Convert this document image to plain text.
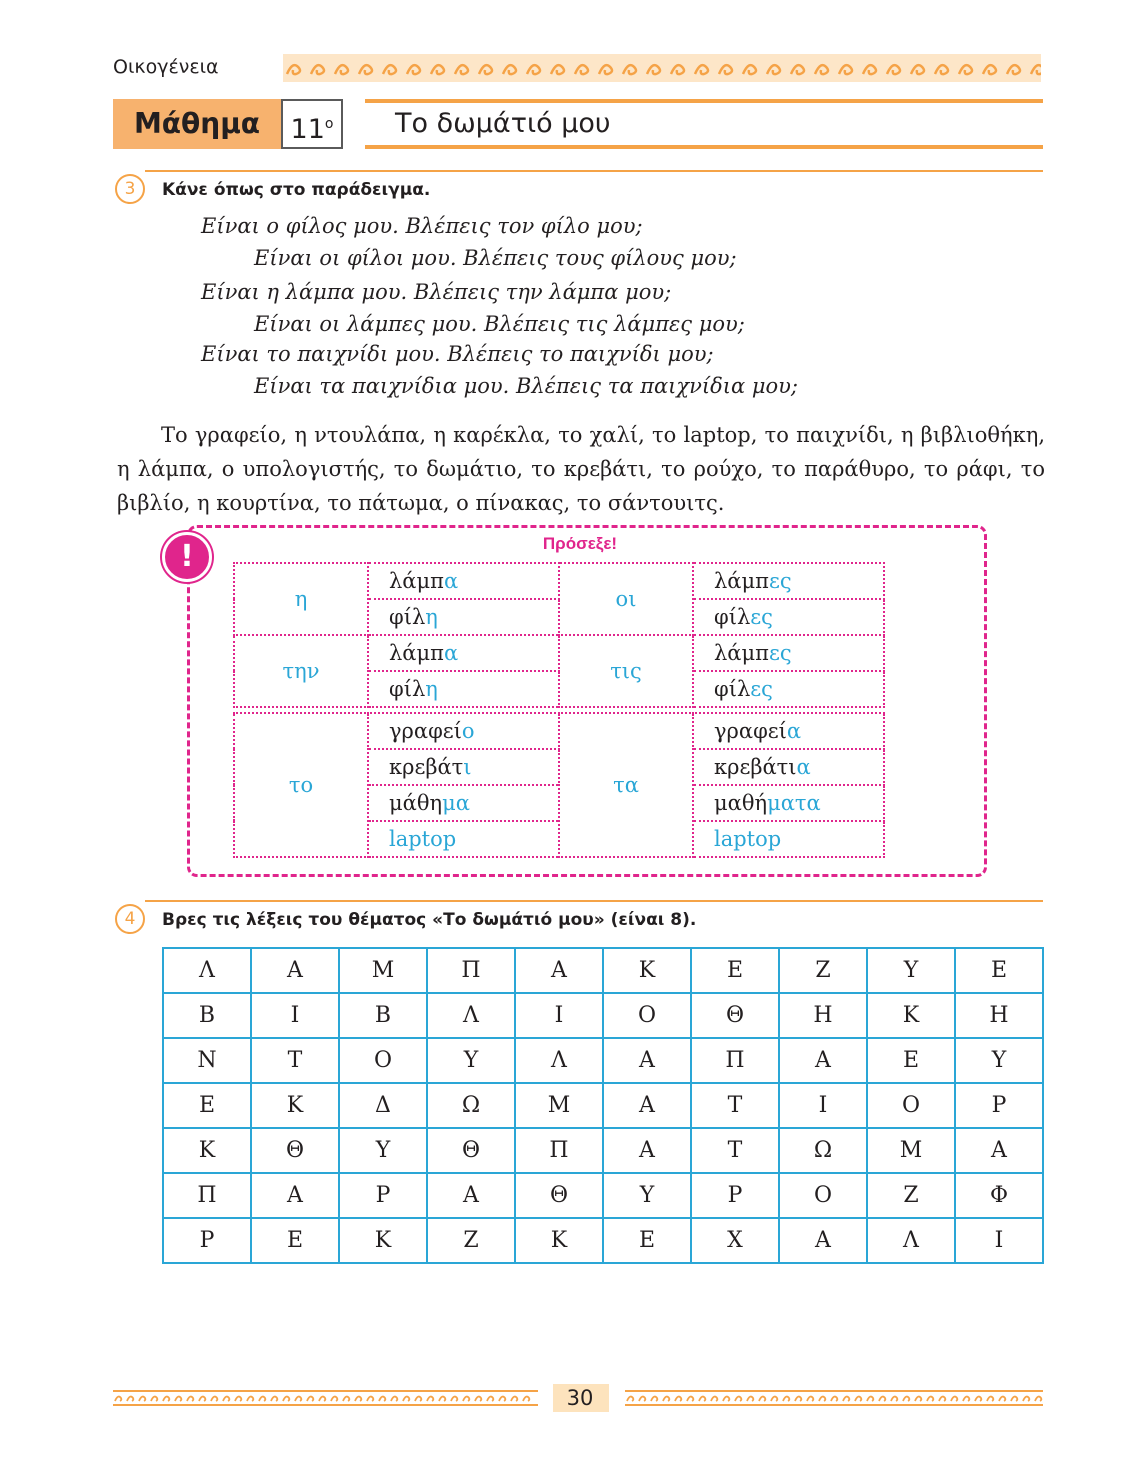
Οικογένεια
Μάθημα	$11^o$	Το δωμάτιό μου
3	Κάνε όπως στο παράδειγμα.
Είναι ο φίλος μου. Βλέπεις τον φίλο μου;
Είναι οι φίλοι μου. Βλέπεις τους φίλους μου;
Είναι η λάμπα μου. Βλέπεις την λάμπα μου;
Είναι οι λάμπες μου. Βλέπεις τις λάμπες μου;
Είναι το παιχνίδι μου. Βλέπεις το παιχνίδι μου;
Είναι τα παιχνίδια μου. Βλέπεις τα παιχνίδια μου;
Το γραφείο, η ντουλάπα, η καρέκλα, το χαλί, το laptop, το παιχνίδι, η βιβλιοθήκη, η λάμπα, ο υπολογιστής, το δωμάτιο, το κρεβάτι, το ρούχο, το παράθυρο, το ράφι, το βιβλίο, η κουρτίνα, το πάτωμα, ο πίνακας, το σάντουιτς.
!	Πρόσεξε!
η	λάμπα	οι	λάμπες
	φίλη		φίλες
την	λάμπα	τις	λάμπες
	φίλη		φίλες

το	γραφείο	τα	γραφεία
	κρεβάτι		κρεβάτια
	μάθημα		μαθήματα
	laptop		laptop
4	Βρες τις λέξεις του θέματος «Το δωμάτιό μου» (είναι 8).
Λ	Α	Μ	Π	Α	Κ	Ε	Ζ	Υ	Ε
Β	Ι	Β	Λ	Ι	Ο	Θ	Η	Κ	Η
Ν	Τ	Ο	Υ	Λ	Α	Π	Α	Ε	Υ
Ε	Κ	Δ	Ω	Μ	Α	Τ	Ι	Ο	Ρ
Κ	Θ	Υ	Θ	Π	Α	Τ	Ω	Μ	Α
Π	Α	Ρ	Α	Θ	Υ	Ρ	Ο	Ζ	Φ
Ρ	Ε	Κ	Ζ	Κ	Ε	Χ	Α	Λ	Ι
30
